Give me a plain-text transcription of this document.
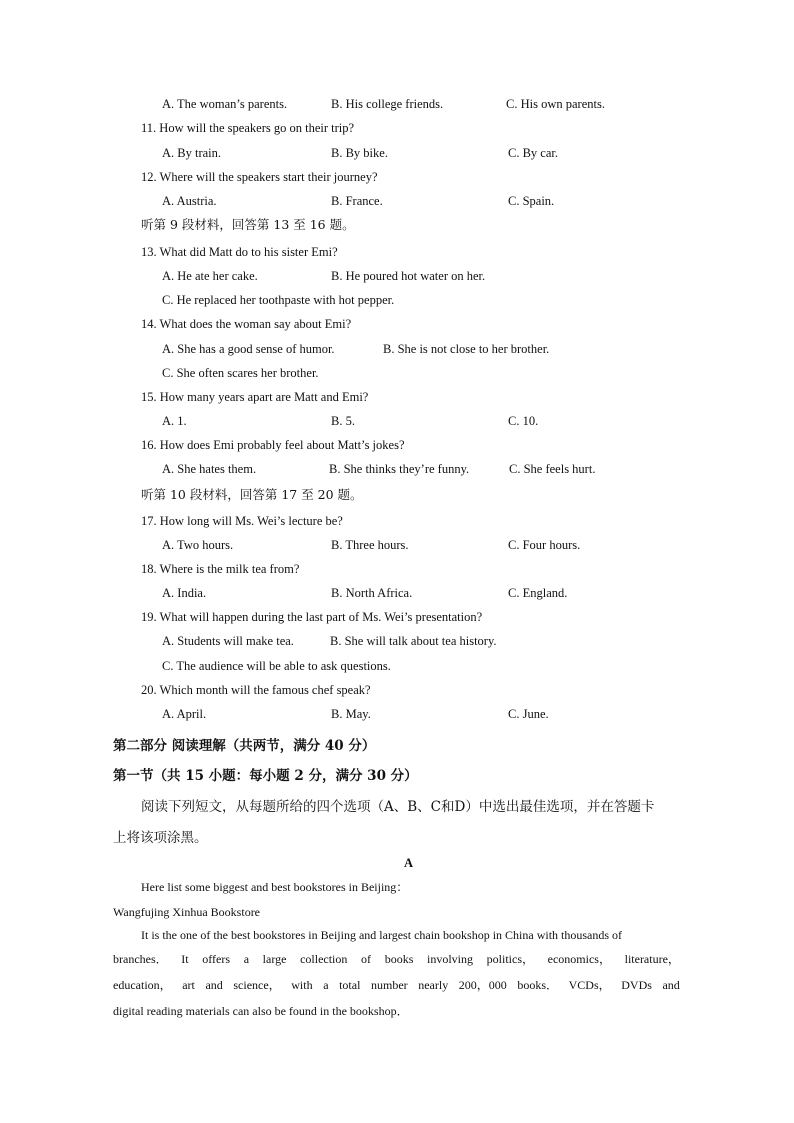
A. The woman’s parents.	B. His college friends.	C. His own parents.
11. How will the speakers go on their trip?
A. By train.	B. By bike.	C. By car.
12. Where will the speakers start their journey?
A. Austria.	B. France.	C. Spain.
听第 9 段材料，回答第 13 至 16 题。
13. What did Matt do to his sister Emi?
A. He ate her cake.	B. He poured hot water on her.
C. He replaced her toothpaste with hot pepper.
14. What does the woman say about Emi?
A. She has a good sense of humor.	B. She is not close to her brother.
C. She often scares her brother.
15. How many years apart are Matt and Emi?
A. 1.	B. 5.	C. 10.
16. How does Emi probably feel about Matt’s jokes?
A. She hates them.	B. She thinks they’re funny.	C. She feels hurt.
听第 10 段材料，回答第 17 至 20 题。
17. How long will Ms. Wei’s lecture be?
A. Two hours.	B. Three hours.	C. Four hours.
18. Where is the milk tea from?
A. India.	B. North Africa.	C. England.
19. What will happen during the last part of Ms. Wei’s presentation?
A. Students will make tea.	B. She will talk about tea history.
C. The audience will be able to ask questions.
20. Which month will the famous chef speak?
A. April.	B. May.	C. June.
第二部分 阅读理解（共两节，满分 40 分）
第一节（共 15 小题：每小题 2 分，满分 30 分）
阅读下列短文，从每题所给的四个选项（A、B、C和D）中选出最佳选项，并在答题卡
上将该项涂黑。
A
Here list some biggest and best bookstores in Beijing：
Wangfujing Xinhua Bookstore
It is the one of the best bookstores in Beijing and largest chain bookshop in China with thousands of
branches． It offers a large collection of books involving politics， economics， literature，
education， art and science， with a total number nearly 200，000 books． VCDs， DVDs and
digital reading materials can also be found in the bookshop．
